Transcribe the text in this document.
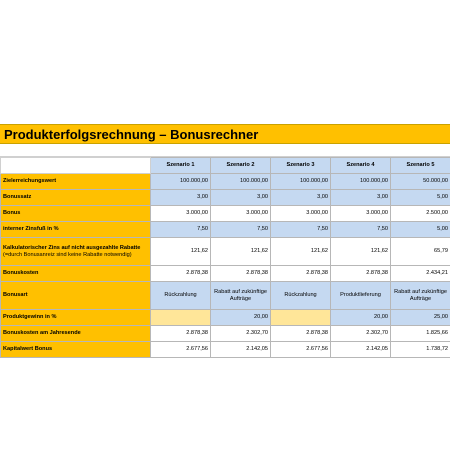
Produkterfolgsrechnung – Bonusrechner
	Szenario 1	Szenario 2	Szenario 3	Szenario 4	Szenario 5
Zielerreichungswert	100.000,00	100.000,00	100.000,00	100.000,00	50.000,00
Bonussatz	3,00	3,00	3,00	3,00	5,00
Bonus	3.000,00	3.000,00	3.000,00	3.000,00	2.500,00
interner Zinsfuß in %	7,50	7,50	7,50	7,50	5,00
Kalkulatorischer Zins auf nicht ausgezahlte Rabatte
(=durch Bonusanreiz sind keine Rabatte notwendig)	121,62	121,62	121,62	121,62	65,79
Bonuskosten	2.878,38	2.878,38	2.878,38	2.878,38	2.434,21
Bonusart	Rückzahlung	Rabatt auf zukünftige Aufträge	Rückzahlung	Produktlieferung	Rabatt auf zukünftige Aufträge
Produktgewinn in %		20,00		20,00	25,00
Bonuskosten am Jahresende	2.878,38	2.302,70	2.878,38	2.302,70	1.825,66
Kapitalwert Bonus	2.677,56	2.142,05	2.677,56	2.142,05	1.738,72
